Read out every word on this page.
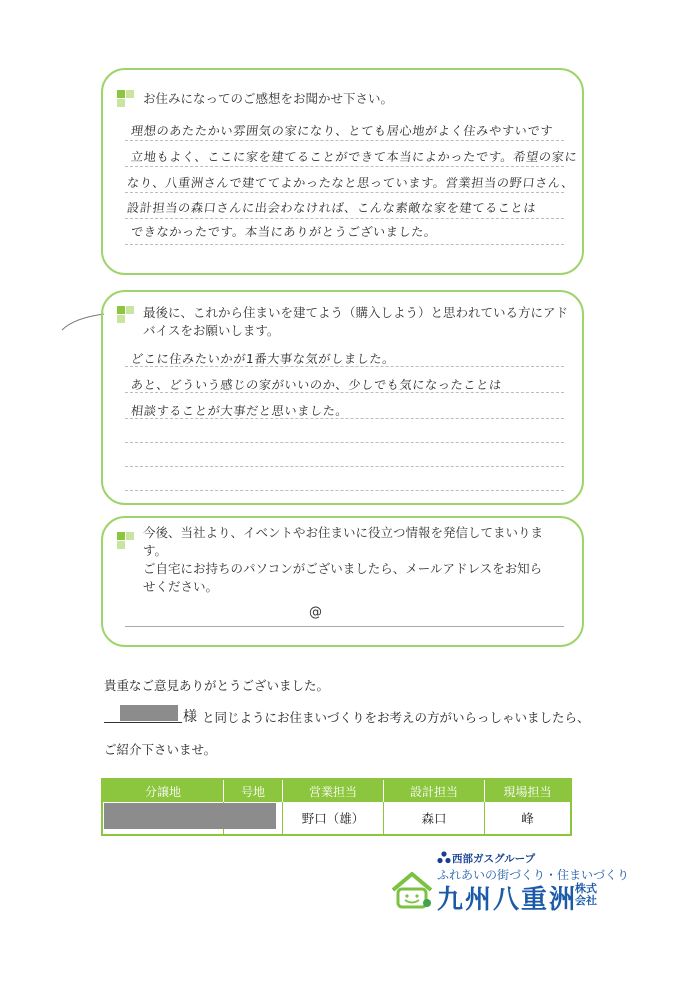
お住みになってのご感想をお聞かせ下さい。
理想のあたたかい雰囲気の家になり、とても居心地がよく住みやすいです
立地もよく、ここに家を建てることができて本当によかったです。希望の家に
なり、八重洲さんで建ててよかったなと思っています。営業担当の野口さん、
設計担当の森口さんに出会わなければ、こんな素敵な家を建てることは
できなかったです。本当にありがとうございました。
最後に、これから住まいを建てよう（購入しよう）と思われている方にアド
バイスをお願いします。
どこに住みたいかが1番大事な気がしました。
あと、どういう感じの家がいいのか、少しでも気になったことは
相談することが大事だと思いました。
今後、当社より、イベントやお住まいに役立つ情報を発信してまいりま
す。
ご自宅にお持ちのパソコンがございましたら、メールアドレスをお知ら
せください。
@
貴重なご意見ありがとうございました。
様 と同じようにお住まいづくりをお考えの方がいらっしゃいましたら、
ご紹介下さいませ。
分譲地	号地	営業担当	設計担当	現場担当
		野口（雄）	森口	峰
西部ガスグループ
ふれあいの街づくり・住まいづくり
九州八重洲
株式会社
